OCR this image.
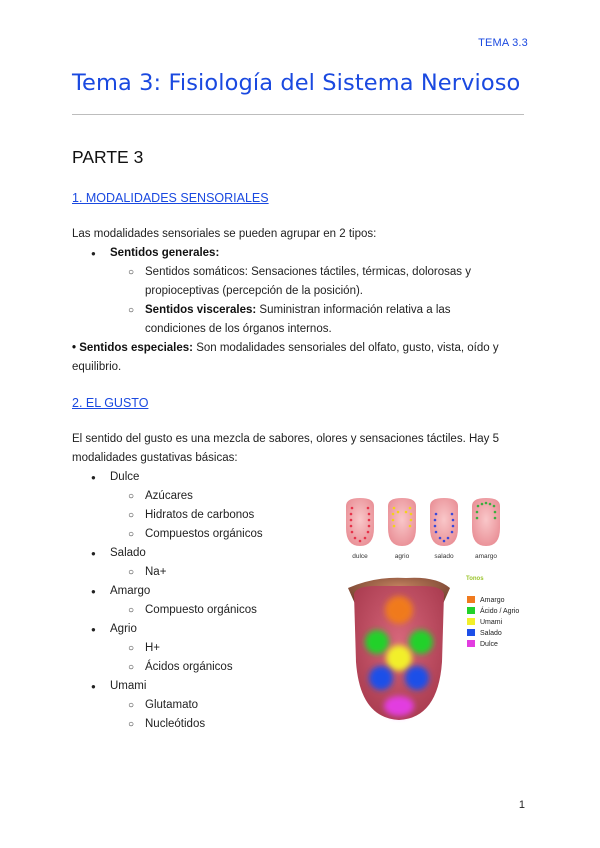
TEMA 3.3
Tema 3: Fisiología del Sistema Nervioso
PARTE 3
1. MODALIDADES SENSORIALES
Las modalidades sensoriales se pueden agrupar en 2 tipos:
● Sentidos generales:
○ Sentidos somáticos: Sensaciones táctiles, térmicas, dolorosas y
propioceptivas (percepción de la posición).
○ Sentidos viscerales: Suministran información relativa a las
condiciones de los órganos internos.
• Sentidos especiales: Son modalidades sensoriales del olfato, gusto, vista, oído y
equilibrio.
2. EL GUSTO
El sentido del gusto es una mezcla de sabores, olores y sensaciones táctiles. Hay 5
modalidades gustativas básicas:
● Dulce
○ Azúcares
○ Hidratos de carbonos
○ Compuestos orgánicos
● Salado
○ Na+
● Amargo
○ Compuesto orgánicos
● Agrio
○ H+
○ Ácidos orgánicos
● Umami
○ Glutamato
○ Nucleótidos
dulce	agrio	salado	amargo
Tonos
Amargo
Ácido / Agrio
Umami
Salado
Dulce
1
